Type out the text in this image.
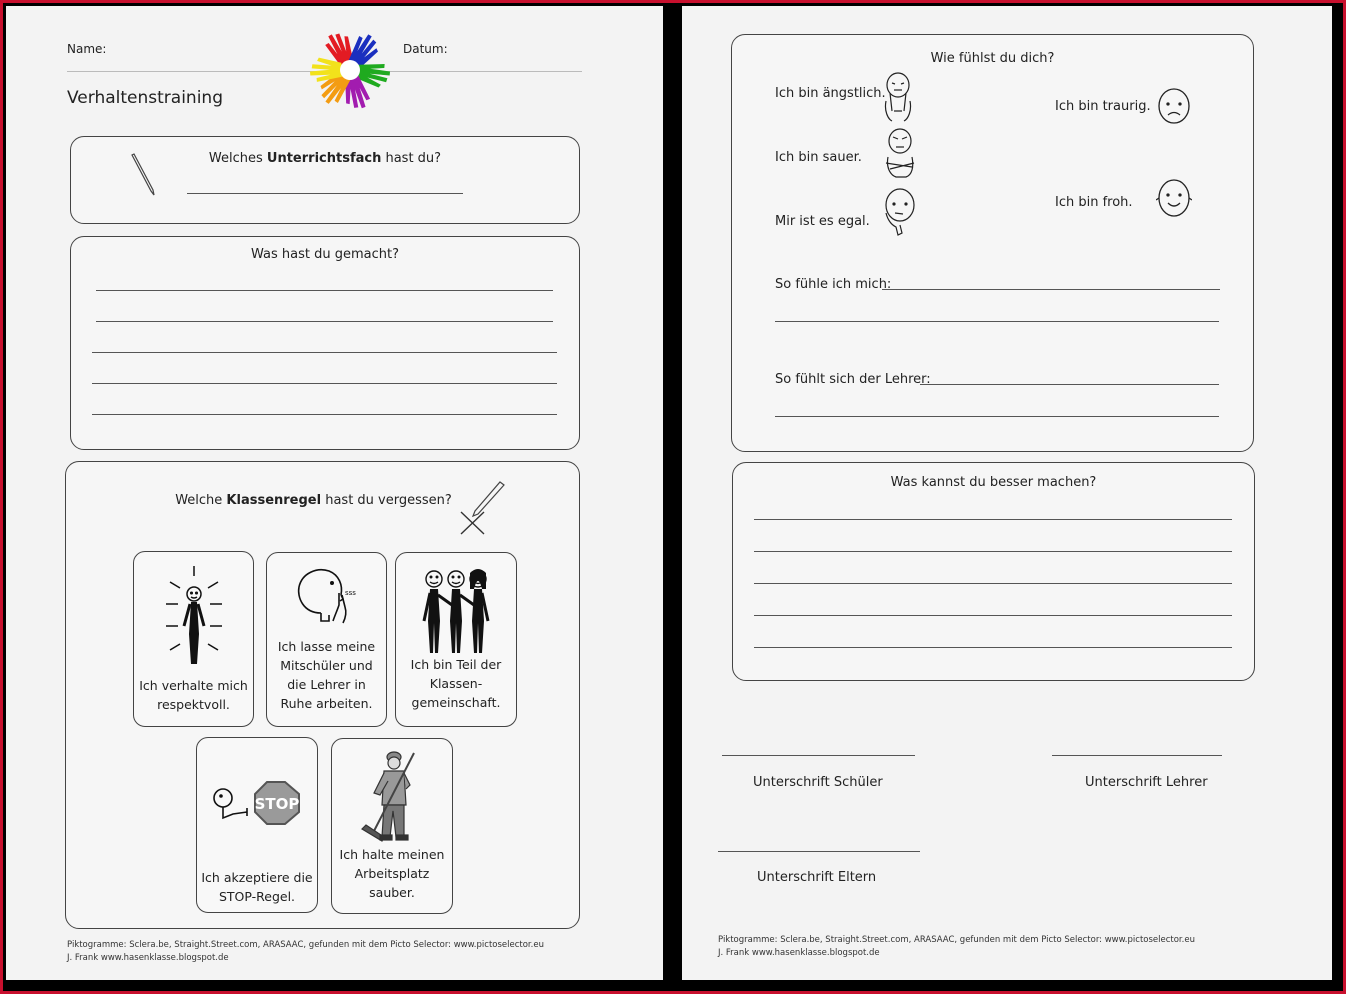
Name:	Datum:
Verhaltenstraining
Welches Unterrichtsfach hast du?
Was hast du gemacht?
Welche Klassenregel hast du vergessen?
Ich verhalte mich
respektvoll.
sss
Ich lasse meine
Mitschüler und
die Lehrer in
Ruhe arbeiten.
Ich bin Teil der
Klassen-
gemeinschaft.
STOP
Ich akzeptiere die
STOP-Regel.
Ich halte meinen
Arbeitsplatz
sauber.
Piktogramme: Sclera.be, Straight.Street.com, ARASAAC, gefunden mit dem Picto Selector: www.pictoselector.eu
J. Frank www.hasenklasse.blogspot.de
Wie fühlst du dich?
Ich bin ängstlich.
Ich bin traurig.
Ich bin sauer.
Ich bin froh.
Mir ist es egal.
So fühle ich mich:
So fühlt sich der Lehrer:
Was kannst du besser machen?
Unterschrift Schüler	Unterschrift Lehrer
Unterschrift Eltern
Piktogramme: Sclera.be, Straight.Street.com, ARASAAC, gefunden mit dem Picto Selector: www.pictoselector.eu
J. Frank www.hasenklasse.blogspot.de
